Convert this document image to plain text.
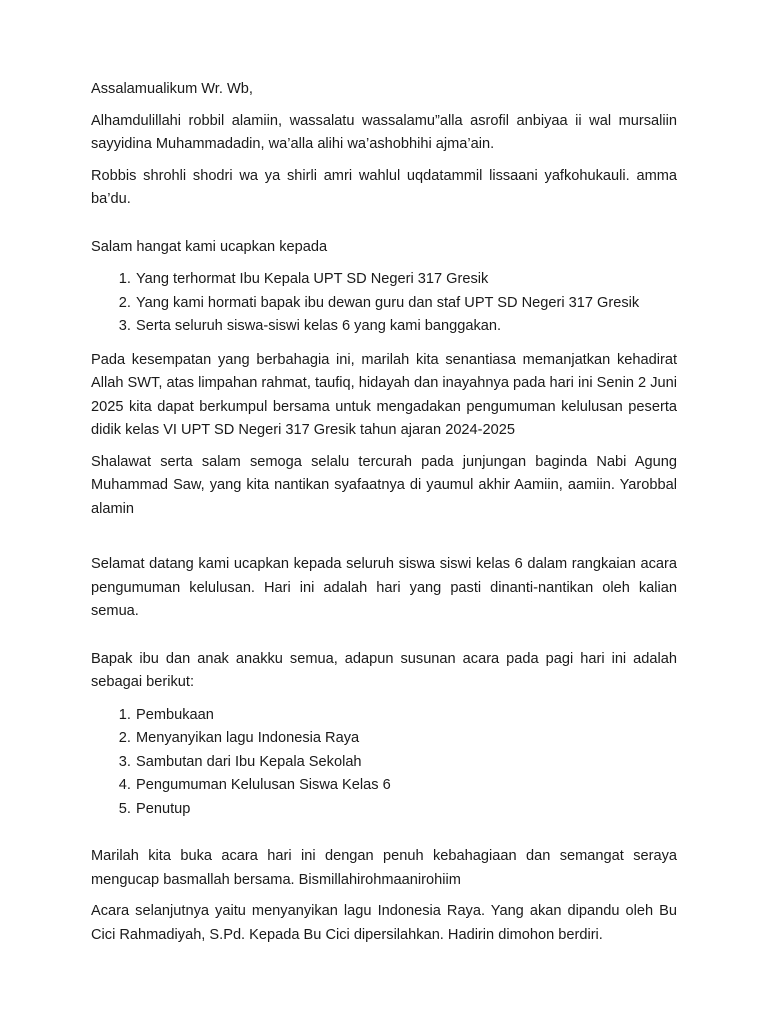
Assalamualikum Wr. Wb,

Alhamdulillahi robbil alamiin, wassalatu wassalamu”alla asrofil anbiyaa ii wal mursaliin sayyidina Muhammadadin, wa’alla alihi wa’ashobhihi ajma’ain.

Robbis shrohli shodri wa ya shirli amri wahlul uqdatammil lissaani yafkohukauli. amma ba’du.

Salam hangat kami ucapkan kepada

1. Yang terhormat Ibu Kepala UPT SD Negeri 317 Gresik
2. Yang kami hormati bapak ibu dewan guru dan staf UPT SD Negeri 317 Gresik
3. Serta seluruh siswa-siswi kelas 6 yang kami banggakan.

Pada kesempatan yang berbahagia ini, marilah kita senantiasa memanjatkan kehadirat Allah SWT, atas limpahan rahmat, taufiq, hidayah dan inayahnya pada hari ini Senin 2 Juni 2025 kita dapat berkumpul bersama untuk mengadakan pengumuman kelulusan peserta didik kelas VI UPT SD Negeri 317 Gresik tahun ajaran 2024-2025

Shalawat serta salam semoga selalu tercurah pada junjungan baginda Nabi Agung Muhammad Saw, yang kita nantikan syafaatnya di yaumul akhir Aamiin, aamiin. Yarobbal alamin

Selamat datang kami ucapkan kepada seluruh siswa siswi kelas 6 dalam rangkaian acara pengumuman kelulusan. Hari ini adalah hari yang pasti dinanti-nantikan oleh kalian semua.

Bapak ibu dan anak anakku semua, adapun susunan acara pada pagi hari ini adalah sebagai berikut:

1. Pembukaan
2. Menyanyikan lagu Indonesia Raya
3. Sambutan dari Ibu Kepala Sekolah
4. Pengumuman Kelulusan Siswa Kelas 6
5. Penutup

Marilah kita buka acara hari ini dengan penuh kebahagiaan dan semangat seraya mengucap basmallah bersama. Bismillahirohmaanirohiim

Acara selanjutnya yaitu menyanyikan lagu Indonesia Raya. Yang akan dipandu oleh Bu Cici Rahmadiyah, S.Pd. Kepada Bu Cici dipersilahkan. Hadirin dimohon berdiri.
